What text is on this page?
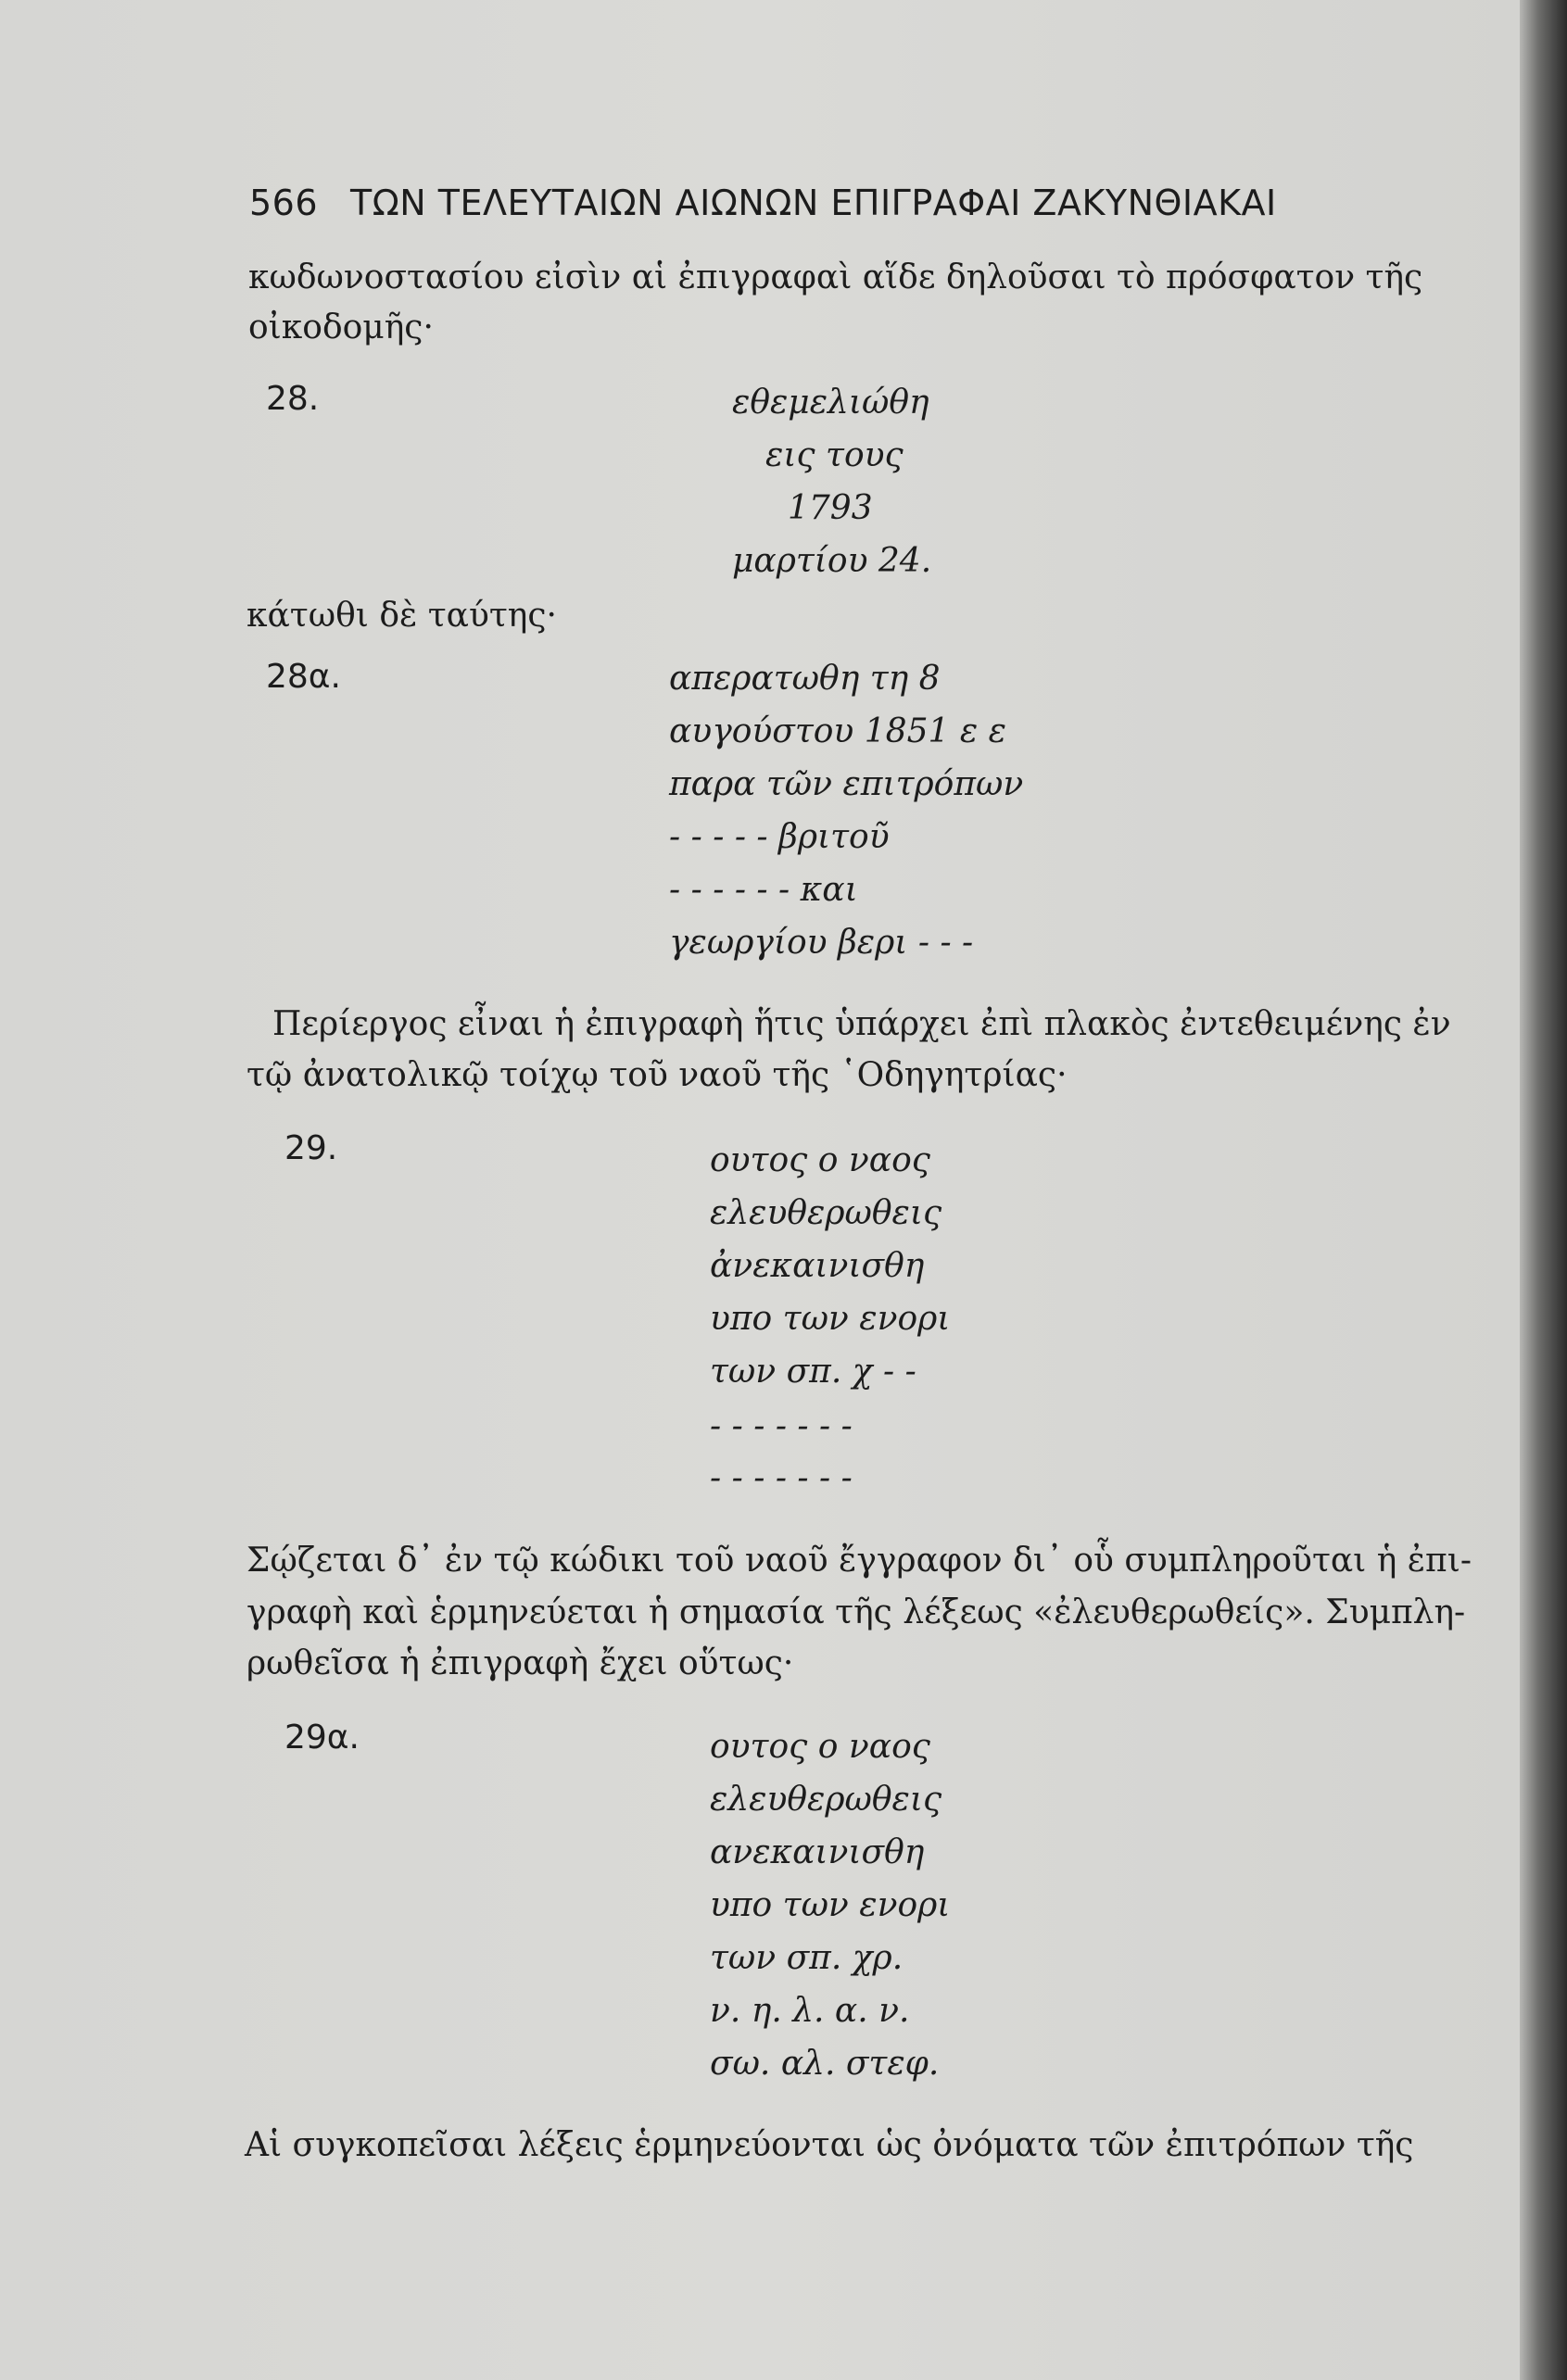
566 ΤΩΝ ΤΕΛΕΥΤΑΙΩΝ ΑΙΩΝΩΝ ΕΠΙΓΡΑΦΑΙ ΖΑΚΥΝΘΙΑΚΑΙ
κωδωνοστασίου εἰσὶν αἱ ἐπιγραφαὶ αἵδε δηλοῦσαι τὸ πρόσφατον τῆς
οἰκοδομῆς·
28.	εθεμελιώθη
εις τους
1793
μαρτίου 24.
κάτωθι δὲ ταύτης·
28α.	απερατωθη τη 8
αυγούστου 1851 ε ε
παρα τῶν επιτρόπων
- - - - - βριτοῦ
- - - - - - και
γεωργίου βερι - - -
Περίεργος εἶναι ἡ ἐπιγραφὴ ἥτις ὑπάρχει ἐπὶ πλακὸς ἐντεθειμένης ἐν
τῷ ἀνατολικῷ τοίχῳ τοῦ ναοῦ τῆς ῾Οδηγητρίας·
29.	ουτος ο ναος
ελευθερωθεις
ἀνεκαινισθη
υπο των ενορι
των σπ. χ - -
- - - - - - -
- - - - - - -
Σῴζεται δ᾿ ἐν τῷ κώδικι τοῦ ναοῦ ἔγγραφον δι᾿ οὗ συμπληροῦται ἡ ἐπι-
γραφὴ καὶ ἑρμηνεύεται ἡ σημασία τῆς λέξεως «ἐλευθερωθείς». Συμπλη-
ρωθεῖσα ἡ ἐπιγραφὴ ἔχει οὕτως·
29α.	ουτος ο ναος
ελευθερωθεις
ανεκαινισθη
υπο των ενορι
των σπ. χρ.
ν. η. λ. α. ν.
σω. αλ. στεφ.
Αἱ συγκοπεῖσαι λέξεις ἑρμηνεύονται ὡς ὀνόματα τῶν ἐπιτρόπων τῆς
